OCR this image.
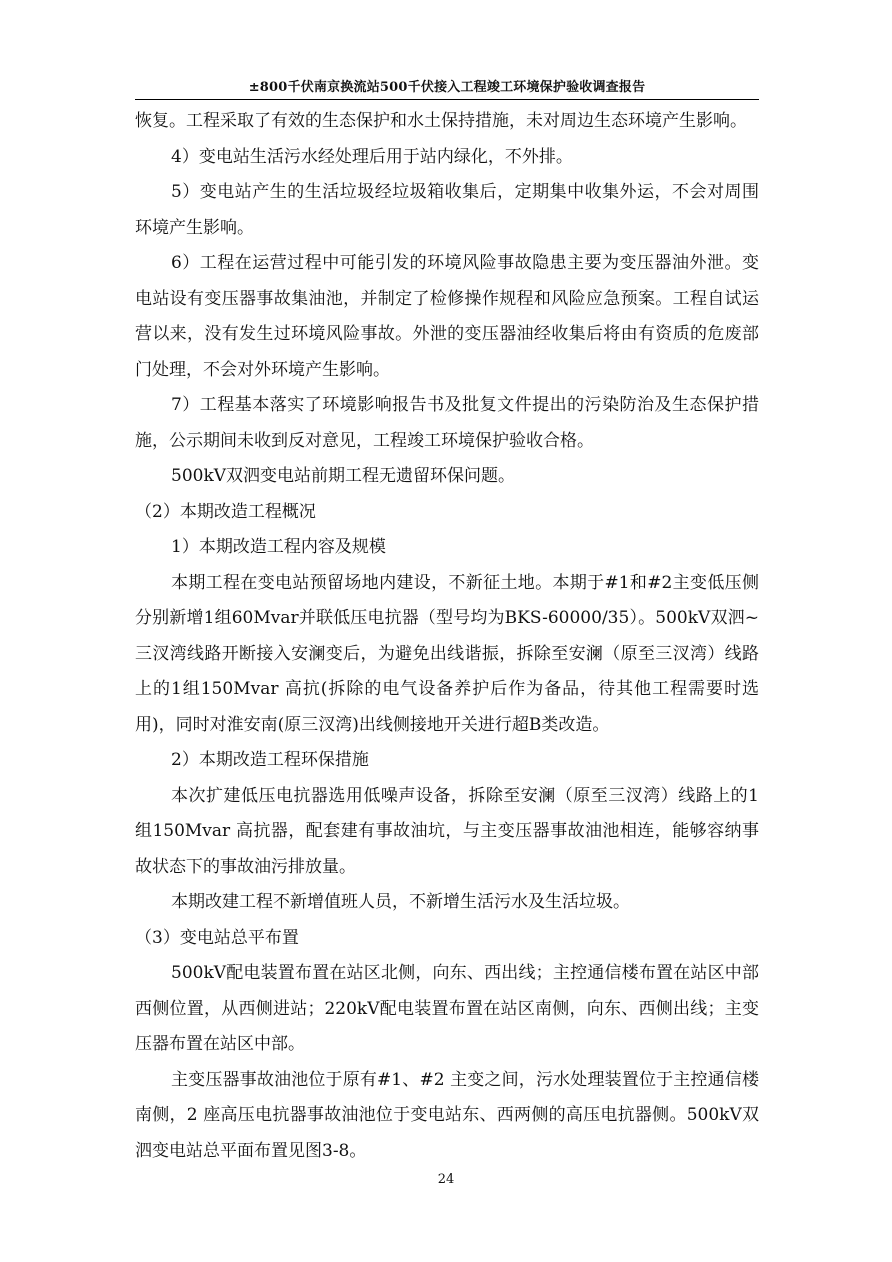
±800千伏南京换流站500千伏接入工程竣工环境保护验收调查报告

恢复。工程采取了有效的生态保护和水土保持措施，未对周边生态环境产生影响。

4）变电站生活污水经处理后用于站内绿化，不外排。

5）变电站产生的生活垃圾经垃圾箱收集后，定期集中收集外运，不会对周围环境产生影响。

6）工程在运营过程中可能引发的环境风险事故隐患主要为变压器油外泄。变电站设有变压器事故集油池，并制定了检修操作规程和风险应急预案。工程自试运营以来，没有发生过环境风险事故。外泄的变压器油经收集后将由有资质的危废部门处理，不会对外环境产生影响。

7）工程基本落实了环境影响报告书及批复文件提出的污染防治及生态保护措施，公示期间未收到反对意见，工程竣工环境保护验收合格。

500kV双泗变电站前期工程无遗留环保问题。

（2）本期改造工程概况

1）本期改造工程内容及规模

本期工程在变电站预留场地内建设，不新征土地。本期于#1和#2主变低压侧分别新增1组60Mvar并联低压电抗器（型号均为BKS-60000/35）。500kV双泗~三汊湾线路开断接入安澜变后，为避免出线谐振，拆除至安澜（原至三汊湾）线路上的1组150Mvar 高抗(拆除的电气设备养护后作为备品，待其他工程需要时选用)，同时对淮安南(原三汊湾)出线侧接地开关进行超B类改造。

2）本期改造工程环保措施

本次扩建低压电抗器选用低噪声设备，拆除至安澜（原至三汊湾）线路上的1组150Mvar 高抗器，配套建有事故油坑，与主变压器事故油池相连，能够容纳事故状态下的事故油污排放量。

本期改建工程不新增值班人员，不新增生活污水及生活垃圾。

（3）变电站总平布置

500kV配电装置布置在站区北侧，向东、西出线；主控通信楼布置在站区中部西侧位置，从西侧进站；220kV配电装置布置在站区南侧，向东、西侧出线；主变压器布置在站区中部。

主变压器事故油池位于原有#1、#2 主变之间，污水处理装置位于主控通信楼南侧，2 座高压电抗器事故油池位于变电站东、西两侧的高压电抗器侧。500kV双泗变电站总平面布置见图3-8。

24
